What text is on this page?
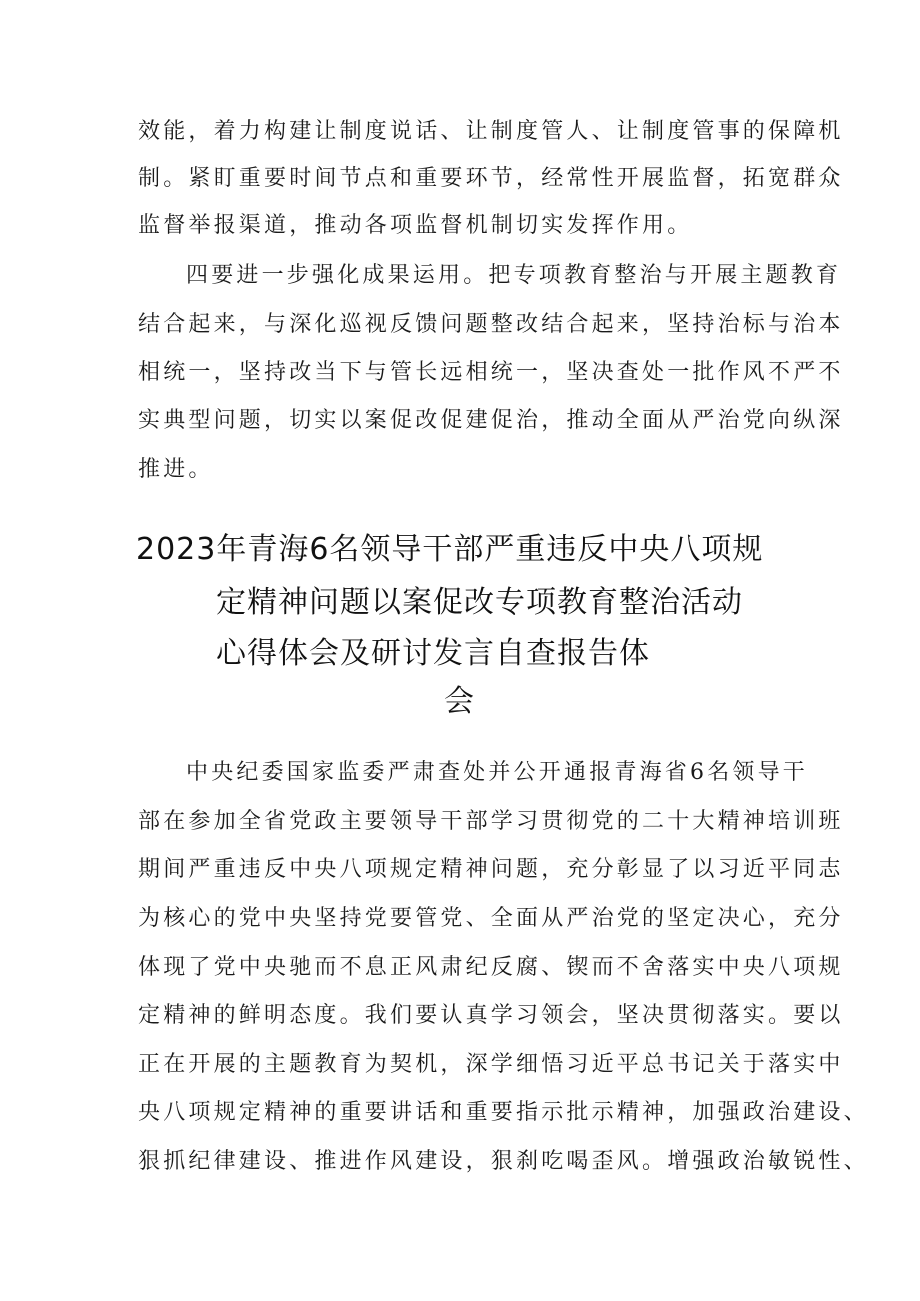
效能，着力构建让制度说话、让制度管人、让制度管事的保障机
制。紧盯重要时间节点和重要环节，经常性开展监督，拓宽群众
监督举报渠道，推动各项监督机制切实发挥作用。
四要进一步强化成果运用。把专项教育整治与开展主题教育
结合起来，与深化巡视反馈问题整改结合起来，坚持治标与治本
相统一，坚持改当下与管长远相统一，坚决查处一批作风不严不
实典型问题，切实以案促改促建促治，推动全面从严治党向纵深
推进。
2023年青海6名领导干部严重违反中央八项规
定精神问题以案促改专项教育整治活动
心得体会及研讨发言自查报告体
会
中央纪委国家监委严肃查处并公开通报青海省6名领导干
部在参加全省党政主要领导干部学习贯彻党的二十大精神培训班
期间严重违反中央八项规定精神问题，充分彰显了以习近平同志
为核心的党中央坚持党要管党、全面从严治党的坚定决心，充分
体现了党中央驰而不息正风肃纪反腐、锲而不舍落实中央八项规
定精神的鲜明态度。我们要认真学习领会，坚决贯彻落实。要以
正在开展的主题教育为契机，深学细悟习近平总书记关于落实中
央八项规定精神的重要讲话和重要指示批示精神，加强政治建设、
狠抓纪律建设、推进作风建设，狠刹吃喝歪风。增强政治敏锐性、
